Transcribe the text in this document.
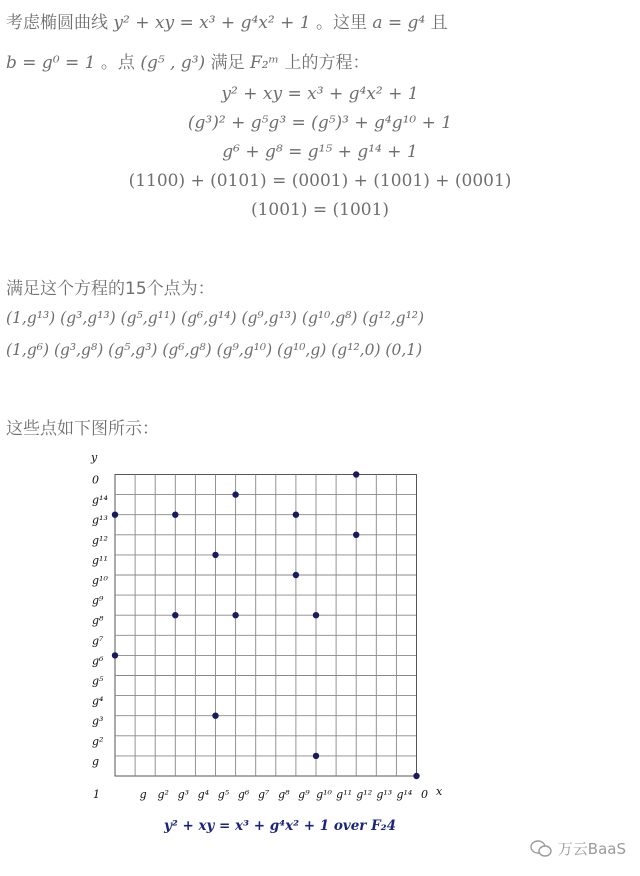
考虑椭圆曲线 y² + xy = x³ + g⁴x² + 1 。这里 a = g⁴ 且
b = g⁰ = 1 。点 (g⁵ , g³) 满足 F₂ᵐ 上的方程：
y² + xy = x³ + g⁴x² + 1
(g³)² + g⁵g³ = (g⁵)³ + g⁴g¹⁰ + 1
g⁶ + g⁸ = g¹⁵ + g¹⁴ + 1
(1100) + (0101) = (0001) + (1001) + (0001)
(1001) = (1001)
满足这个方程的15个点为：
(1,g¹³) (g³,g¹³) (g⁵,g¹¹) (g⁶,g¹⁴) (g⁹,g¹³) (g¹⁰,g⁸) (g¹²,g¹²)
(1,g⁶) (g³,g⁸) (g⁵,g³) (g⁶,g⁸) (g⁹,g¹⁰) (g¹⁰,g) (g¹²,0) (0,1)
这些点如下图所示：
y
x
g
g²
g³
g⁴
g⁵
g⁶
g⁷
g⁸
g⁹
g¹⁰
g¹¹
g¹²
g¹³
g¹⁴
0
1	g g² g³ g⁴ g⁵ g⁶ g⁷ g⁸ g⁹ g¹⁰ g¹¹ g¹² g¹³ g¹⁴ 0
y² + xy = x³ + g⁴x² + 1 over F₂4
万云BaaS
